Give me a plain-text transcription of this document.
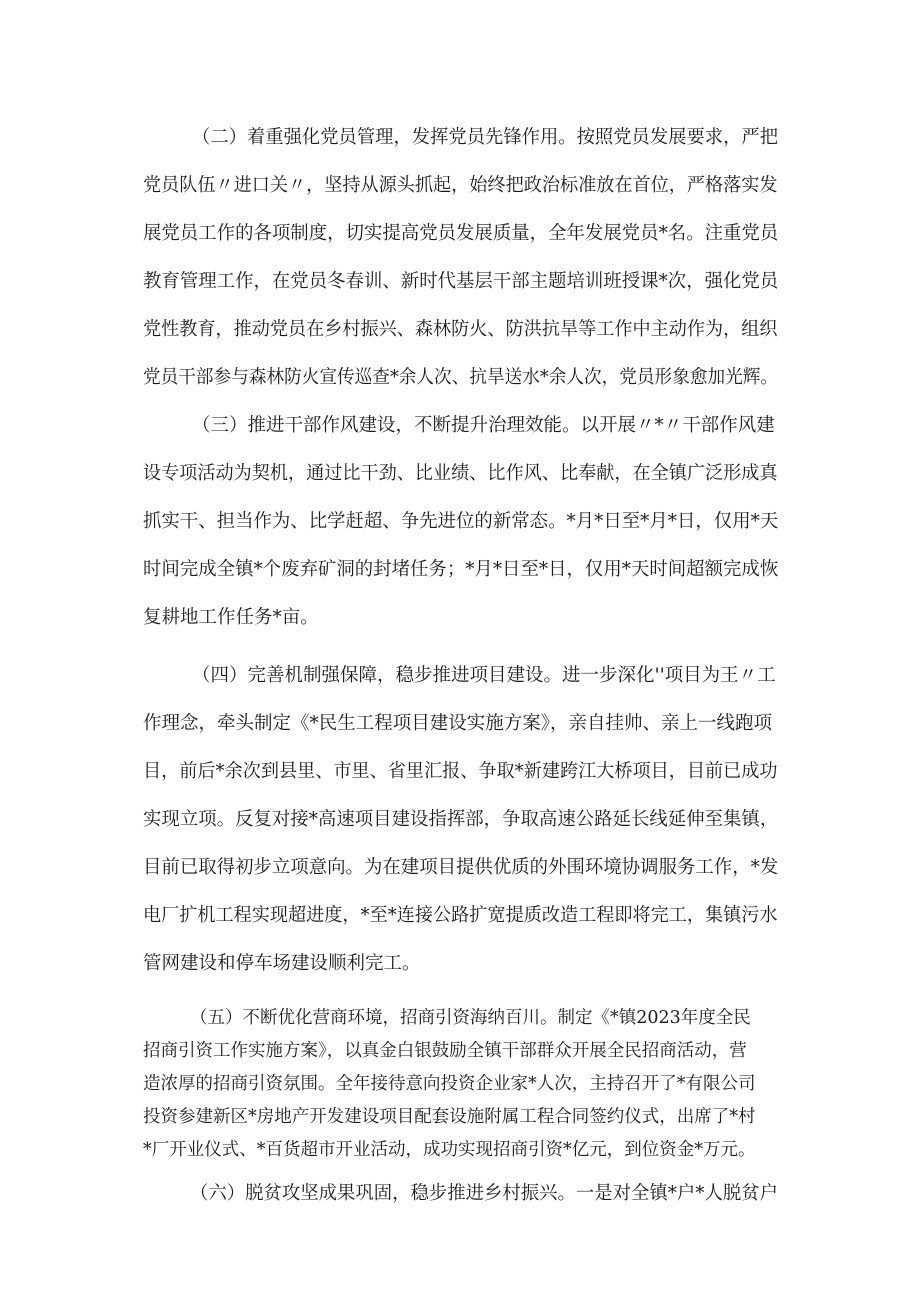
（二）着重强化党员管理，发挥党员先锋作用。按照党员发展要求，严把
党员队伍〃进口关〃，坚持从源头抓起，始终把政治标准放在首位，严格落实发
展党员工作的各项制度，切实提高党员发展质量，全年发展党员*名。注重党员
教育管理工作，在党员冬春训、新时代基层干部主题培训班授课*次，强化党员
党性教育，推动党员在乡村振兴、森林防火、防洪抗旱等工作中主动作为，组织
党员干部参与森林防火宣传巡查*余人次、抗旱送水*余人次，党员形象愈加光辉。
（三）推进干部作风建设，不断提升治理效能。以开展〃*〃干部作风建
设专项活动为契机，通过比干劲、比业绩、比作风、比奉献，在全镇广泛形成真
抓实干、担当作为、比学赶超、争先进位的新常态。*月*日至*月*日，仅用*天
时间完成全镇*个废弃矿洞的封堵任务；*月*日至*日，仅用*天时间超额完成恢
复耕地工作任务*亩。
（四）完善机制强保障，稳步推进项目建设。进一步深化''项目为王〃工
作理念，牵头制定《*民生工程项目建设实施方案》，亲自挂帅、亲上一线跑项
目，前后*余次到县里、市里、省里汇报、争取*新建跨江大桥项目，目前已成功
实现立项。反复对接*高速项目建设指挥部，争取高速公路延长线延伸至集镇，
目前已取得初步立项意向。为在建项目提供优质的外围环境协调服务工作，*发
电厂扩机工程实现超进度，*至*连接公路扩宽提质改造工程即将完工，集镇污水
管网建设和停车场建设顺利完工。
（五）不断优化营商环境，招商引资海纳百川。制定《*镇2023年度全民
招商引资工作实施方案》，以真金白银鼓励全镇干部群众开展全民招商活动，营
造浓厚的招商引资氛围。全年接待意向投资企业家*人次，主持召开了*有限公司
投资参建新区*房地产开发建设项目配套设施附属工程合同签约仪式，出席了*村
*厂开业仪式、*百货超市开业活动，成功实现招商引资*亿元，到位资金*万元。
（六）脱贫攻坚成果巩固，稳步推进乡村振兴。一是对全镇*户*人脱贫户
